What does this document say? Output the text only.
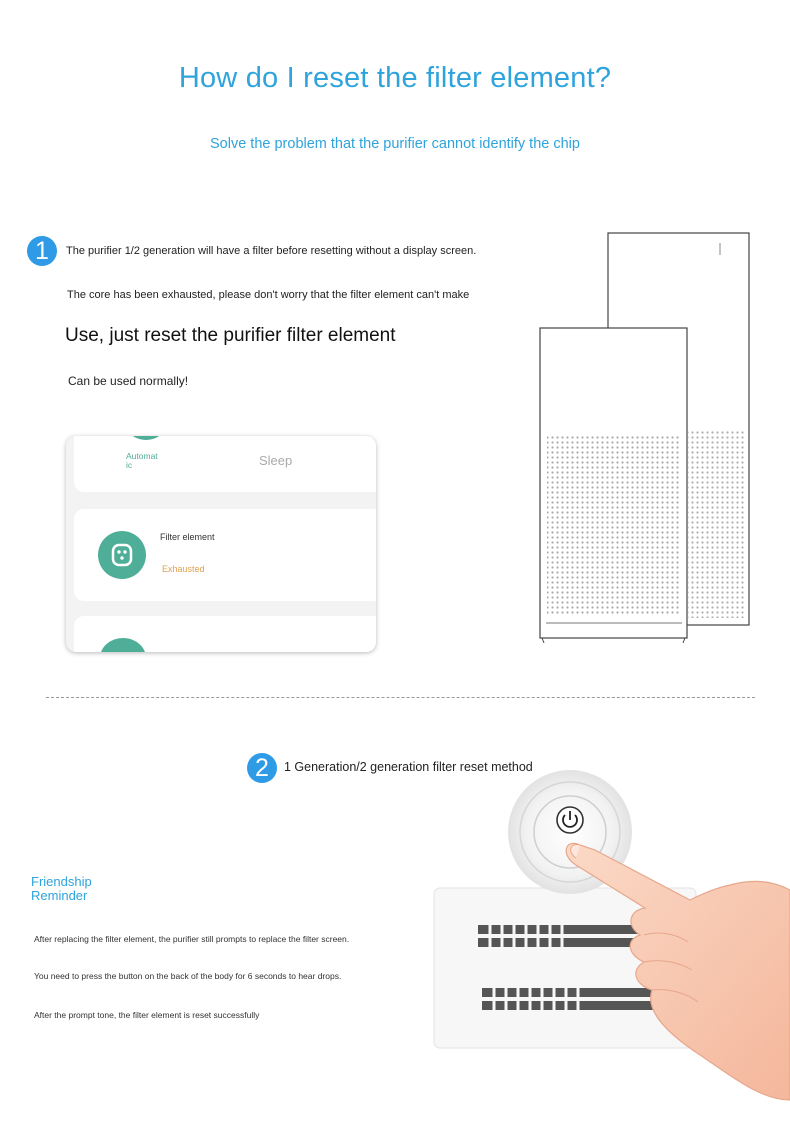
How do I reset the filter element?
Solve the problem that the purifier cannot identify the chip
1	The purifier 1/2 generation will have a filter before resetting without a display screen.
The core has been exhausted, please don't worry that the filter element can't make
Use, just reset the purifier filter element
Can be used normally!
Automat ic	Sleep
Filter element
Exhausted
2	1 Generation/2 generation filter reset method
Friendship Reminder
After replacing the filter element, the purifier still prompts to replace the filter screen.
You need to press the button on the back of the body for 6 seconds to hear drops.
After the prompt tone, the filter element is reset successfully
